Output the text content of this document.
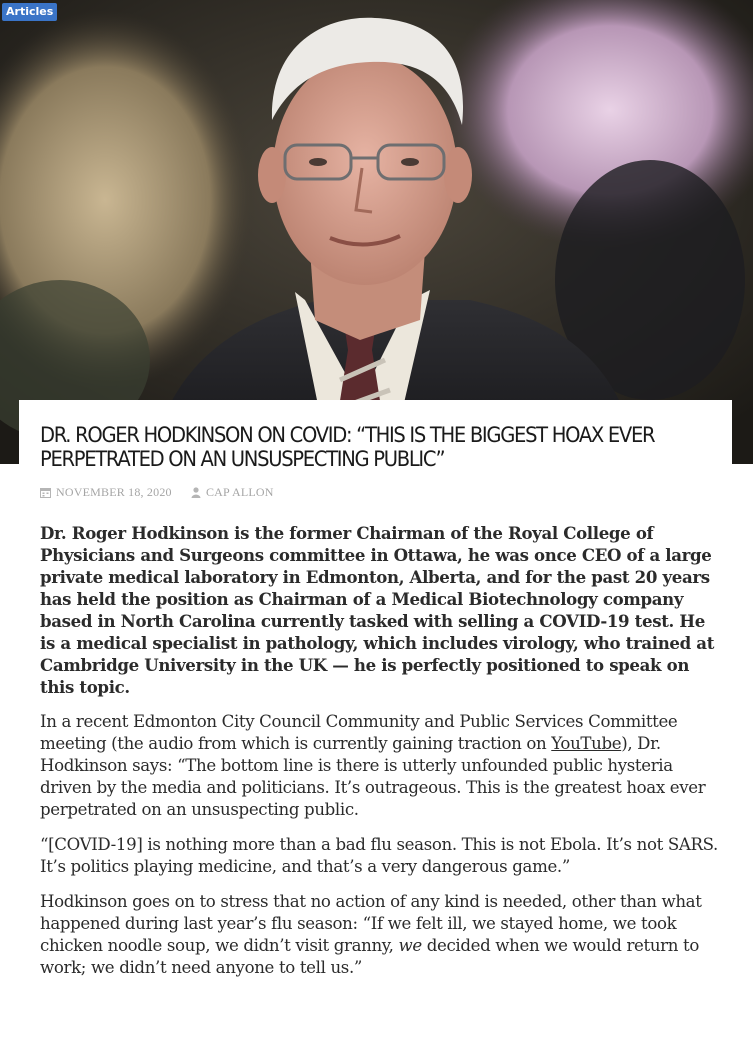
Articles
DR. ROGER HODKINSON ON COVID: “THIS IS THE BIGGEST HOAX EVER PERPETRATED ON AN UNSUSPECTING PUBLIC”
NOVEMBER 18, 2020
	CAP ALLON

Dr. Roger Hodkinson is the former Chairman of the Royal College of Physicians and Surgeons committee in Ottawa, he was once CEO of a large private medical laboratory in Edmonton, Alberta, and for the past 20 years has held the position as Chairman of a Medical Biotechnology company based in North Carolina currently tasked with selling a COVID-19 test. He is a medical specialist in pathology, which includes virology, who trained at Cambridge University in the UK — he is perfectly positioned to speak on this topic.

In a recent Edmonton City Council Community and Public Services Committee meeting (the audio from which is currently gaining traction on YouTube), Dr. Hodkinson says: “The bottom line is there is utterly unfounded public hysteria driven by the media and politicians. It’s outrageous. This is the greatest hoax ever perpetrated on an unsuspecting public.

“[COVID-19] is nothing more than a bad flu season. This is not Ebola. It’s not SARS. It’s politics playing medicine, and that’s a very dangerous game.”

Hodkinson goes on to stress that no action of any kind is needed, other than what happened during last year’s flu season: “If we felt ill, we stayed home, we took chicken noodle soup, we didn’t visit granny, we decided when we would return to work; we didn’t need anyone to tell us.”
